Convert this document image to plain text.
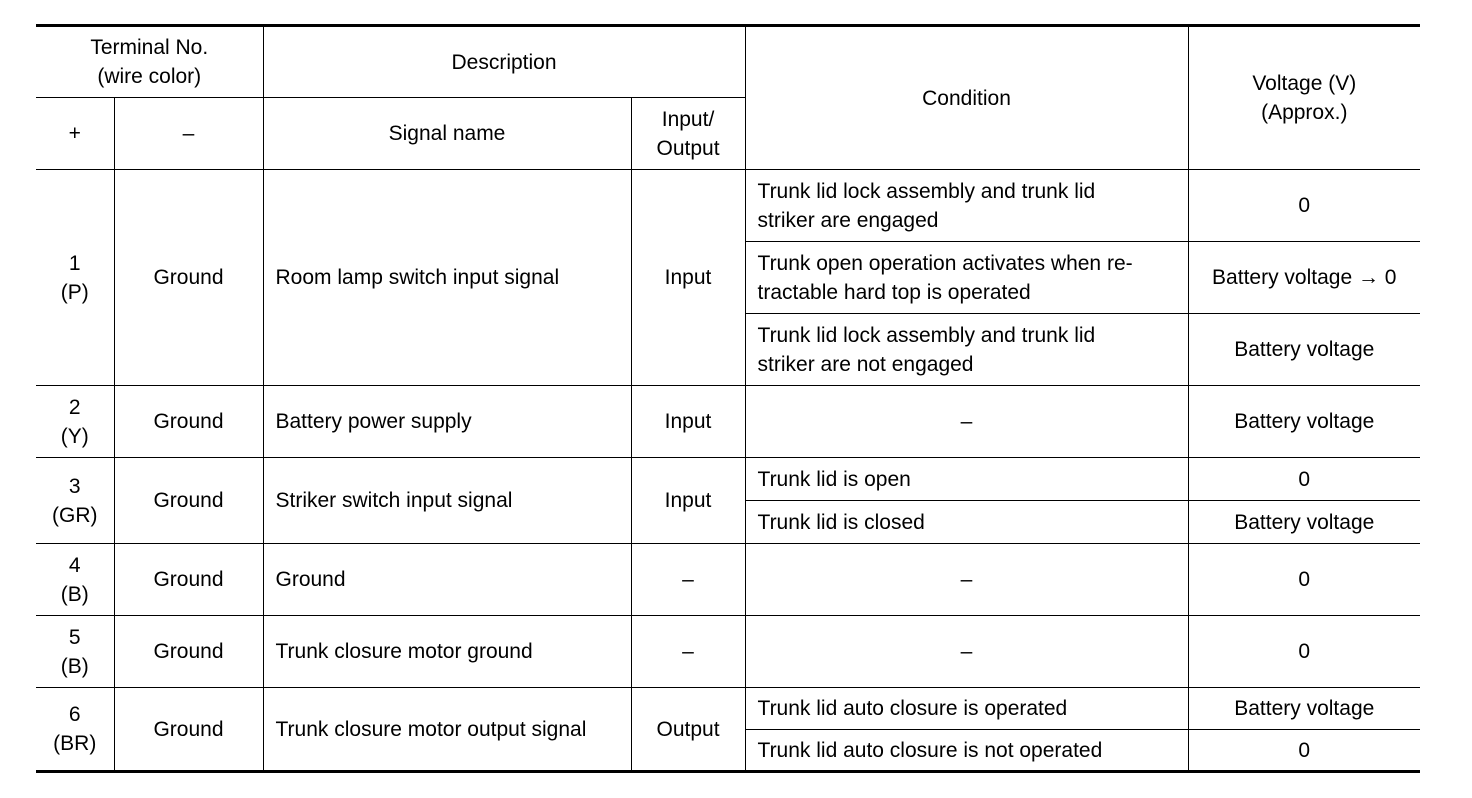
Terminal No.
(wire color)		Description		Condition	Voltage (V)
(Approx.)

+	–	Signal name	Input/
Output		

1
(P)	Ground	Room lamp switch input signal	Input	Trunk lid lock assembly and trunk lid
striker are engaged	0

				Trunk open operation activates when re-
tractable hard top is operated	Battery voltage → 0

				Trunk lid lock assembly and trunk lid
striker are not engaged	Battery voltage

2
(Y)	Ground	Battery power supply	Input	–	Battery voltage

3
(GR)	Ground	Striker switch input signal	Input	Trunk lid is open	0
				Trunk lid is closed	Battery voltage

4
(B)	Ground	Ground	–	–	0

5
(B)	Ground	Trunk closure motor ground	–	–	0

6
(BR)	Ground	Trunk closure motor output signal	Output	Trunk lid auto closure is operated	Battery voltage
				Trunk lid auto closure is not operated	0
